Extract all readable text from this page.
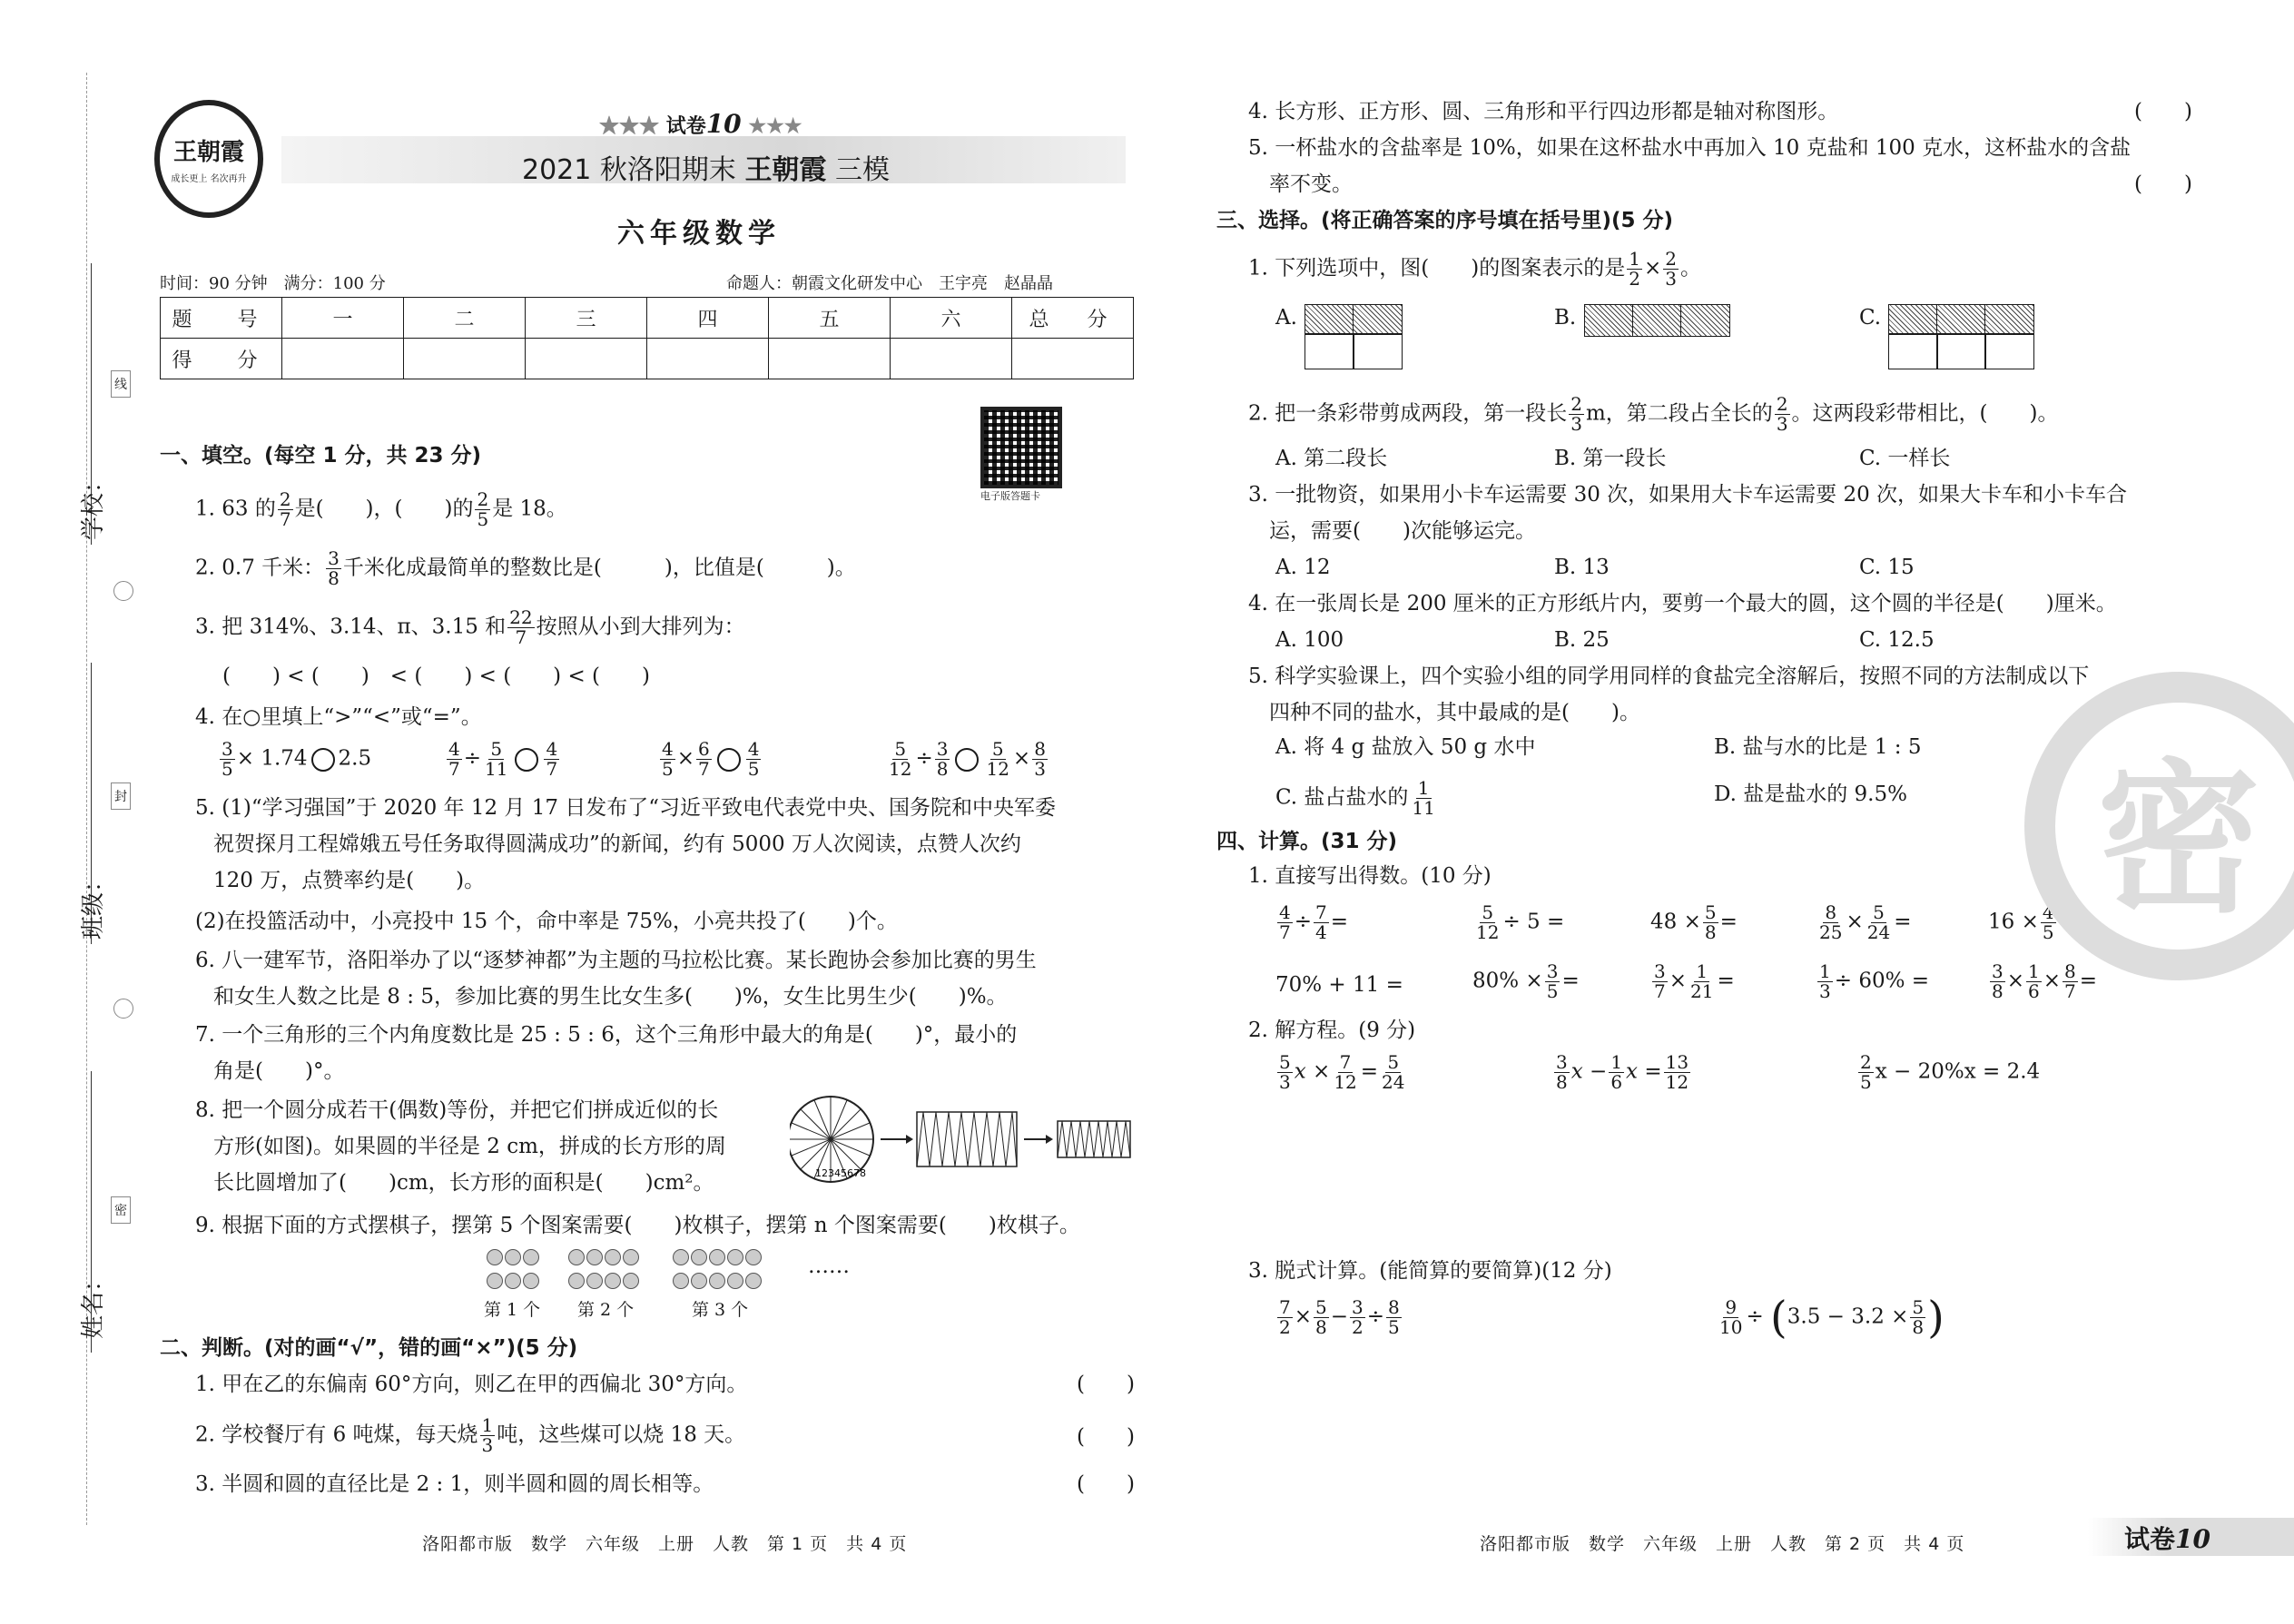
线
封
密
学校：
班级：
姓名：
王朝霞
成长更上 名次再升
★★★ 试卷10 ★★★
2021 秋洛阳期末 王朝霞 三模
六年级数学
时间：90 分钟　 满分：100 分	命题人：朝霞文化研发中心　王宇亮　赵晶晶
题　号	一	二	三	四	五	六	总　分
得　分							
电子版答题卡
一、填空。(每空 1 分，共 23 分)
1. 63 的 $\frac{2}{7}$ 是(　　)，(　　)的 $\frac{2}{5}$ 是 18。
2. 0.7 千米： $\frac{3}{8}$ 千米化成最简单的整数比是(　　　)，比值是(　　　)。
3. 把 314%、3.14、π、3.15 和 $\frac{22}{7}$ 按照从小到大排列为：
(　　) < (　　)　< (　　) < (　　) < (　　)
4. 在○里填上“>”“<”或“=”。
$\frac{3}{5} \times 1.74$ 2.5	$\frac{4}{7} \div \frac{5}{11} \frac{4}{7}$	$\frac{4}{5} \times \frac{6}{7} \frac{4}{5}$	$\frac{5}{12} \div \frac{3}{8} \frac{5}{12} \times \frac{8}{3}$
5. (1)“学习强国”于 2020 年 12 月 17 日发布了“习近平致电代表党中央、国务院和中央军委
祝贺探月工程嫦娥五号任务取得圆满成功”的新闻，约有 5000 万人次阅读，点赞人次约
120 万，点赞率约是(　　)。
(2)在投篮活动中，小亮投中 15 个，命中率是 75%，小亮共投了(　　)个。
6. 八一建军节，洛阳举办了以“逐梦神都”为主题的马拉松比赛。某长跑协会参加比赛的男生
和女生人数之比是 8 : 5，参加比赛的男生比女生多(　　)%，女生比男生少(　　)%。
7. 一个三角形的三个内角度数比是 25 : 5 : 6，这个三角形中最大的角是(　　)°，最小的
角是(　　)°。
8. 把一个圆分成若干(偶数)等份，并把它们拼成近似的长
方形(如图)。如果圆的半径是 2 cm，拼成的长方形的周
长比圆增加了(　　)cm，长方形的面积是(　　)cm²。	12345678
9. 根据下面的方式摆棋子，摆第 5 个图案需要(　　)枚棋子，摆第 n 个图案需要(　　)枚棋子。

……
第 1 个 第 2 个	第 3 个
二、判断。(对的画“√”，错的画“×”)(5 分)
1. 甲在乙的东偏南 60°方向，则乙在甲的西偏北 30°方向。	(　　)
2. 学校餐厅有 6 吨煤，每天烧 $\frac{1}{3}$ 吨，这些煤可以烧 18 天。	(　　)
3. 半圆和圆的直径比是 2 : 1，则半圆和圆的周长相等。	(　　)
洛阳都市版　数学　六年级　上册　人教　第 1 页　共 4 页
4. 长方形、正方形、圆、三角形和平行四边形都是轴对称图形。	(　　)
5. 一杯盐水的含盐率是 10%，如果在这杯盐水中再加入 10 克盐和 100 克水，这杯盐水的含盐
率不变。	(　　)
三、选择。(将正确答案的序号填在括号里)(5 分)
1. 下列选项中，图(　　)的图案表示的是 $\frac{1}{2} \times \frac{2}{3}$ 。
A.	B.	C.
2. 把一条彩带剪成两段，第一段长 $\frac{2}{3}$ m，第二段占全长的 $\frac{2}{3}$ 。这两段彩带相比，(　　)。
A. 第二段长	B. 第一段长	C. 一样长
3. 一批物资，如果用小卡车运需要 30 次，如果用大卡车运需要 20 次，如果大卡车和小卡车合
运，需要(　　)次能够运完。
A. 12	B. 13	C. 15
4. 在一张周长是 200 厘米的正方形纸片内，要剪一个最大的圆，这个圆的半径是(　　)厘米。
A. 100	B. 25	C. 12.5
5. 科学实验课上，四个实验小组的同学用同样的食盐完全溶解后，按照不同的方法制成以下
四种不同的盐水，其中最咸的是(　　)。
A. 将 4 g 盐放入 50 g 水中	B. 盐与水的比是 1 : 5
C. 盐占盐水的 $\frac{1}{11}$	D. 盐是盐水的 9.5%
四、计算。(31 分)
1. 直接写出得数。(10 分)
$\frac{4}{7} \div \frac{7}{4}$ =	$\frac{5}{12} \div 5$ =	$48 \times \frac{5}{8}$ =	$\frac{8}{25} \times \frac{5}{24}$ =	$16 \times \frac{4}{5}$ =
70% + 11 =	$80\% \times \frac{3}{5}$ =	$\frac{3}{7} \times \frac{1}{21}$ =	$\frac{1}{3} \div 60\%$ =	$\frac{3}{8} \times \frac{1}{6} \times \frac{8}{7}$ =
2. 解方程。(9 分)
$\frac{5}{3}$ $x \times \frac{7}{12} = \frac{5}{24}$	$\frac{3}{8}$ $x - \frac{1}{6}$ $x = \frac{13}{12}$	$\frac{2}{5}$ x − 20%x = 2.4
3. 脱式计算。(能简算的要简算)(12 分)
$\frac{7}{2} \times \frac{5}{8} - \frac{3}{2} \div \frac{8}{5}$	$\frac{9}{10} \div (3.5 - 3.2 \times \frac{5}{8}$ )
密
洛阳都市版　数学　六年级　上册　人教　第 2 页　共 4 页	试卷10
